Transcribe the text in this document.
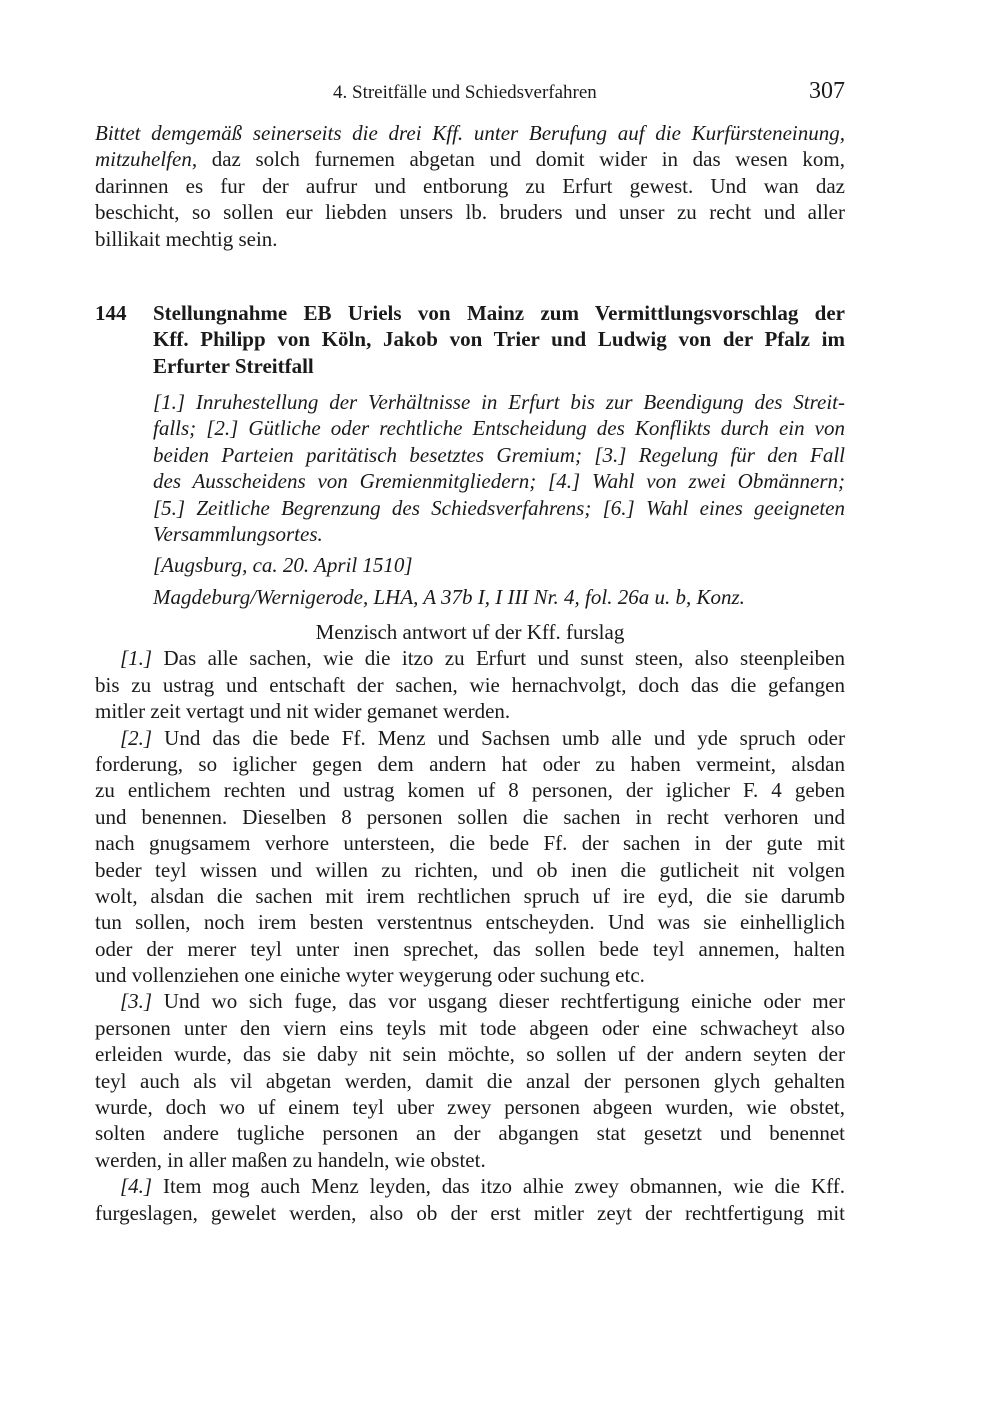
4. Streitfälle und Schiedsverfahren	307
Bittet demgemäß seinerseits die drei Kff. unter Berufung auf die Kurfürsteneinung,
mitzuhelfen, daz solch furnemen abgetan und domit wider in das wesen kom,
darinnen es fur der aufrur und entborung zu Erfurt gewest. Und wan daz
beschicht, so sollen eur liebden unsers lb. bruders und unser zu recht und aller
billikait mechtig sein.
144 Stellungnahme EB Uriels von Mainz zum Vermittlungsvorschlag der
Kff. Philipp von Köln, Jakob von Trier und Ludwig von der Pfalz im
Erfurter Streitfall
[1.] Inruhestellung der Verhältnisse in Erfurt bis zur Beendigung des Streit-
falls; [2.] Gütliche oder rechtliche Entscheidung des Konflikts durch ein von
beiden Parteien paritätisch besetztes Gremium; [3.] Regelung für den Fall
des Ausscheidens von Gremienmitgliedern; [4.] Wahl von zwei Obmännern;
[5.] Zeitliche Begrenzung des Schiedsverfahrens; [6.] Wahl eines geeigneten
Versammlungsortes.
[Augsburg, ca. 20. April 1510]
Magdeburg/Wernigerode, LHA, A 37b I, I III Nr. 4, fol. 26a u. b, Konz.
Menzisch antwort uf der Kff. furslag
[1.] Das alle sachen, wie die itzo zu Erfurt und sunst steen, also steenpleiben
bis zu ustrag und entschaft der sachen, wie hernachvolgt, doch das die gefangen
mitler zeit vertagt und nit wider gemanet werden.
[2.] Und das die bede Ff. Menz und Sachsen umb alle und yde spruch oder
forderung, so iglicher gegen dem andern hat oder zu haben vermeint, alsdan
zu entlichem rechten und ustrag komen uf 8 personen, der iglicher F. 4 geben
und benennen. Dieselben 8 personen sollen die sachen in recht verhoren und
nach gnugsamem verhore untersteen, die bede Ff. der sachen in der gute mit
beder teyl wissen und willen zu richten, und ob inen die gutlicheit nit volgen
wolt, alsdan die sachen mit irem rechtlichen spruch uf ire eyd, die sie darumb
tun sollen, noch irem besten verstentnus entscheyden. Und was sie einhelliglich
oder der merer teyl unter inen sprechet, das sollen bede teyl annemen, halten
und vollenziehen one einiche wyter weygerung oder suchung etc.
[3.] Und wo sich fuge, das vor usgang dieser rechtfertigung einiche oder mer
personen unter den viern eins teyls mit tode abgeen oder eine schwacheyt also
erleiden wurde, das sie daby nit sein möchte, so sollen uf der andern seyten der
teyl auch als vil abgetan werden, damit die anzal der personen glych gehalten
wurde, doch wo uf einem teyl uber zwey personen abgeen wurden, wie obstet,
solten andere tugliche personen an der abgangen stat gesetzt und benennet
werden, in aller maßen zu handeln, wie obstet.
[4.] Item mog auch Menz leyden, das itzo alhie zwey obmannen, wie die Kff.
furgeslagen, gewelet werden, also ob der erst mitler zeyt der rechtfertigung mit
